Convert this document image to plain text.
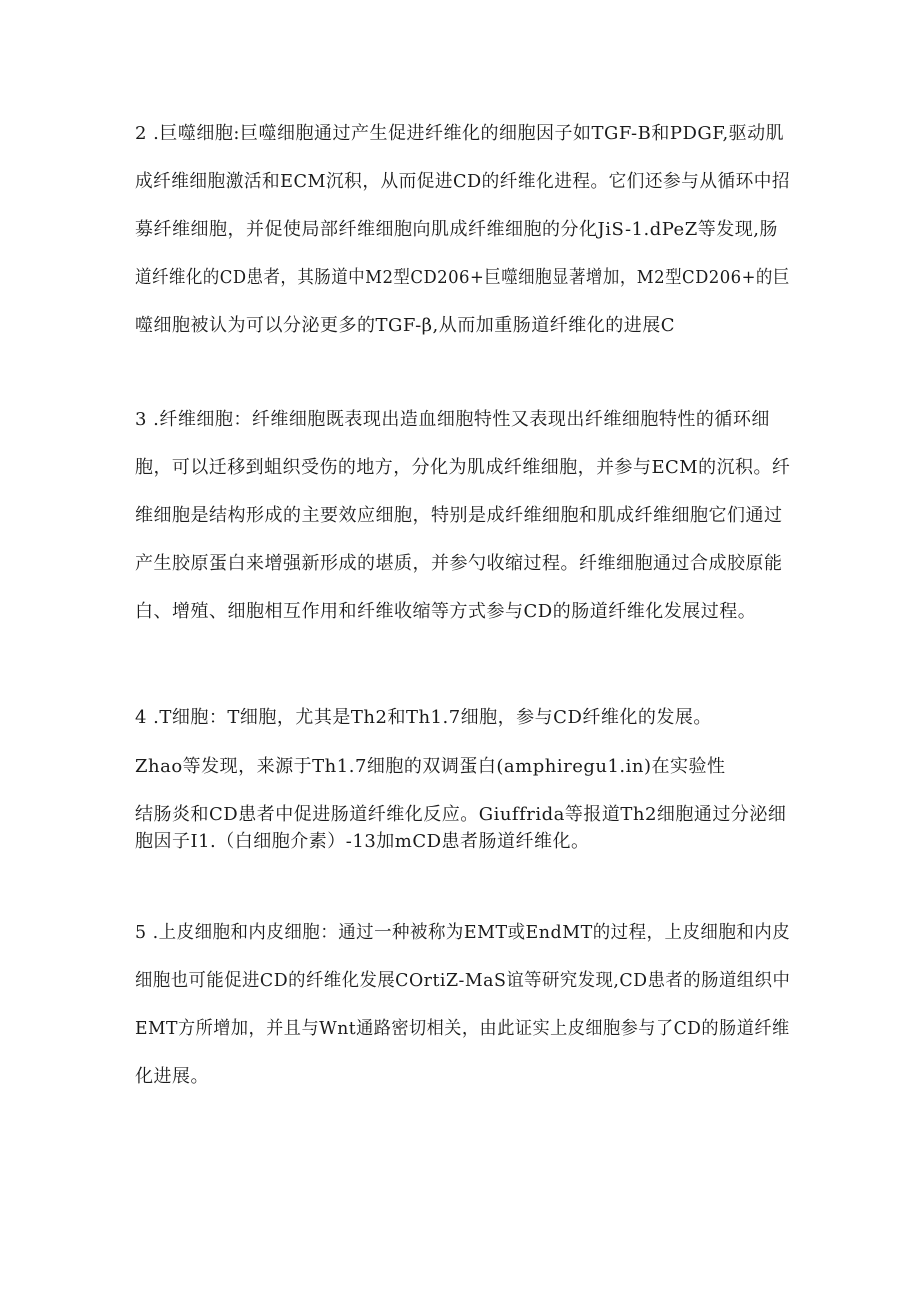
2 .巨噬细胞:巨噬细胞通过产生促进纤维化的细胞因子如TGF-B和PDGF,驱动肌
成纤维细胞激活和ECM沉积，从而促进CD的纤维化进程。它们还参与从循环中招
募纤维细胞，并促使局部纤维细胞向肌成纤维细胞的分化JiS-1.dPeZ等发现,肠
道纤维化的CD患者，其肠道中M2型CD206+巨噬细胞显著增加，M2型CD206+的巨
噬细胞被认为可以分泌更多的TGF-β,从而加重肠道纤维化的进展C
3 .纤维细胞：纤维细胞既表现出造血细胞特性又表现出纤维细胞特性的循环细
胞，可以迁移到蛆织受伤的地方，分化为肌成纤维细胞，并参与ECM的沉积。纤
维细胞是结构形成的主要效应细胞，特别是成纤维细胞和肌成纤维细胞它们通过
产生胶原蛋白来增强新形成的堪质，并参勺收缩过程。纤维细胞通过合成胶原能
白、增殖、细胞相互作用和纤维收缩等方式参与CD的肠道纤维化发展过程。
4 .T细胞：T细胞，尤其是Th2和Th1.7细胞，参与CD纤维化的发展。
Zhao等发现，来源于Th1.7细胞的双调蛋白(amphiregu1.in)在实验性
结肠炎和CD患者中促进肠道纤维化反应。Giuffrida等报道Th2细胞通过分泌细
胞因子I1.（白细胞介素）-13加mCD患者肠道纤维化。
5 .上皮细胞和内皮细胞：通过一种被称为EMT或EndMT的过程，上皮细胞和内皮
细胞也可能促进CD的纤维化发展COrtiZ-MaS谊等研究发现,CD患者的肠道组织中
EMT方所增加，并且与Wnt通路密切相关，由此证实上皮细胞参与了CD的肠道纤维
化进展。
